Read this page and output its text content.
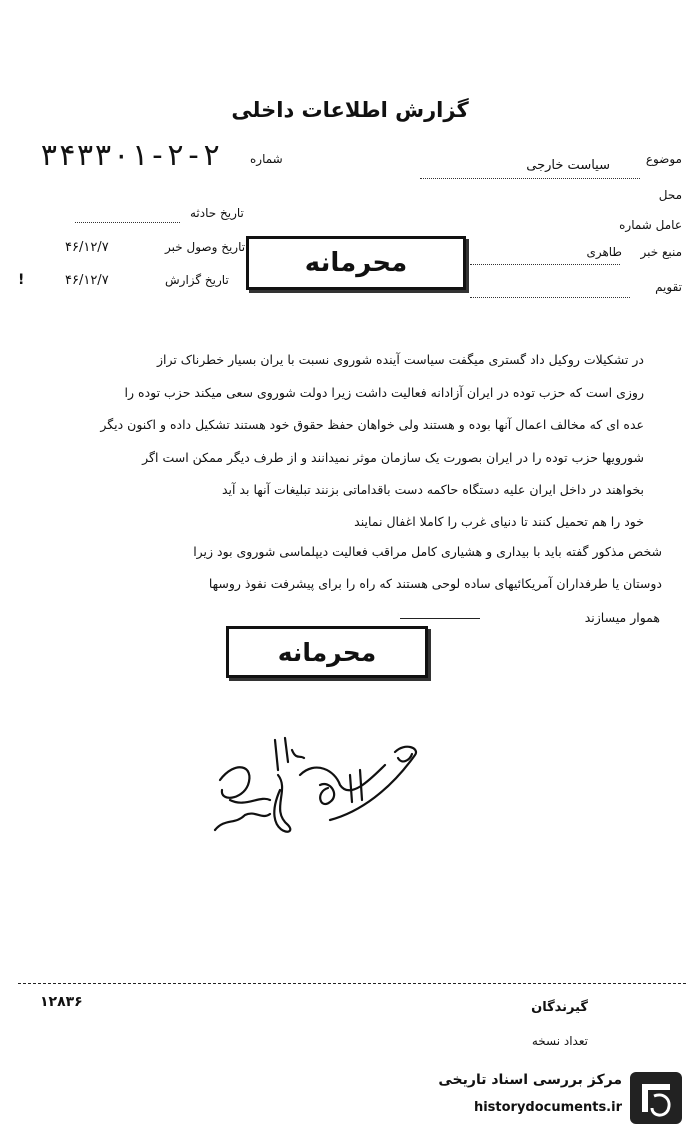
گزارش اطلاعات داخلی
۳۴۳۳۰۱-۲-۲ شماره	موضوع
سیاست خارجی
محل
عامل شماره
منبع خبر
طاهری
تقویم
تاریخ حادثه
تاریخ وصول خبر
۴۶/۱۲/۷
تاریخ گزارش
۴۶/۱۲/۷
!
محرمانه
در تشکیلات روکیل داد گستری میگفت سیاست آینده شوروی نسبت با یران بسیار خطرناک تراز
روزی است که حزب توده در ایران آزادانه فعالیت داشت زیرا دولت شوروی سعی میکند حزب توده را
عده ای که مخالف اعمال آنها بوده و هستند ولی خواهان حفظ حقوق خود هستند تشکیل داده و اکنون دیگر
شورویها حزب توده را در ایران بصورت یک سازمان موثر نمیدانند و از طرف دیگر ممکن است اگر
بخواهند در داخل ایران علیه دستگاه حاکمه دست باقداماتی بزنند تبلیغات آنها بد آید
خود را هم تحمیل کنند تا دنیای غرب را کاملا اغفال نمایند
شخص مذکور گفته باید با بیداری و هشیاری کامل مراقب فعالیت دیپلماسی شوروی بود زیرا
دوستان یا طرفداران آمریکائیهای ساده لوحی هستند که راه را برای پیشرفت نفوذ روسها
هموار میسازند
محرمانه
۱۲۸۳۶	گیرندگان
تعداد نسخه
مرکز بررسی اسناد تاریخی
historydocuments.ir
